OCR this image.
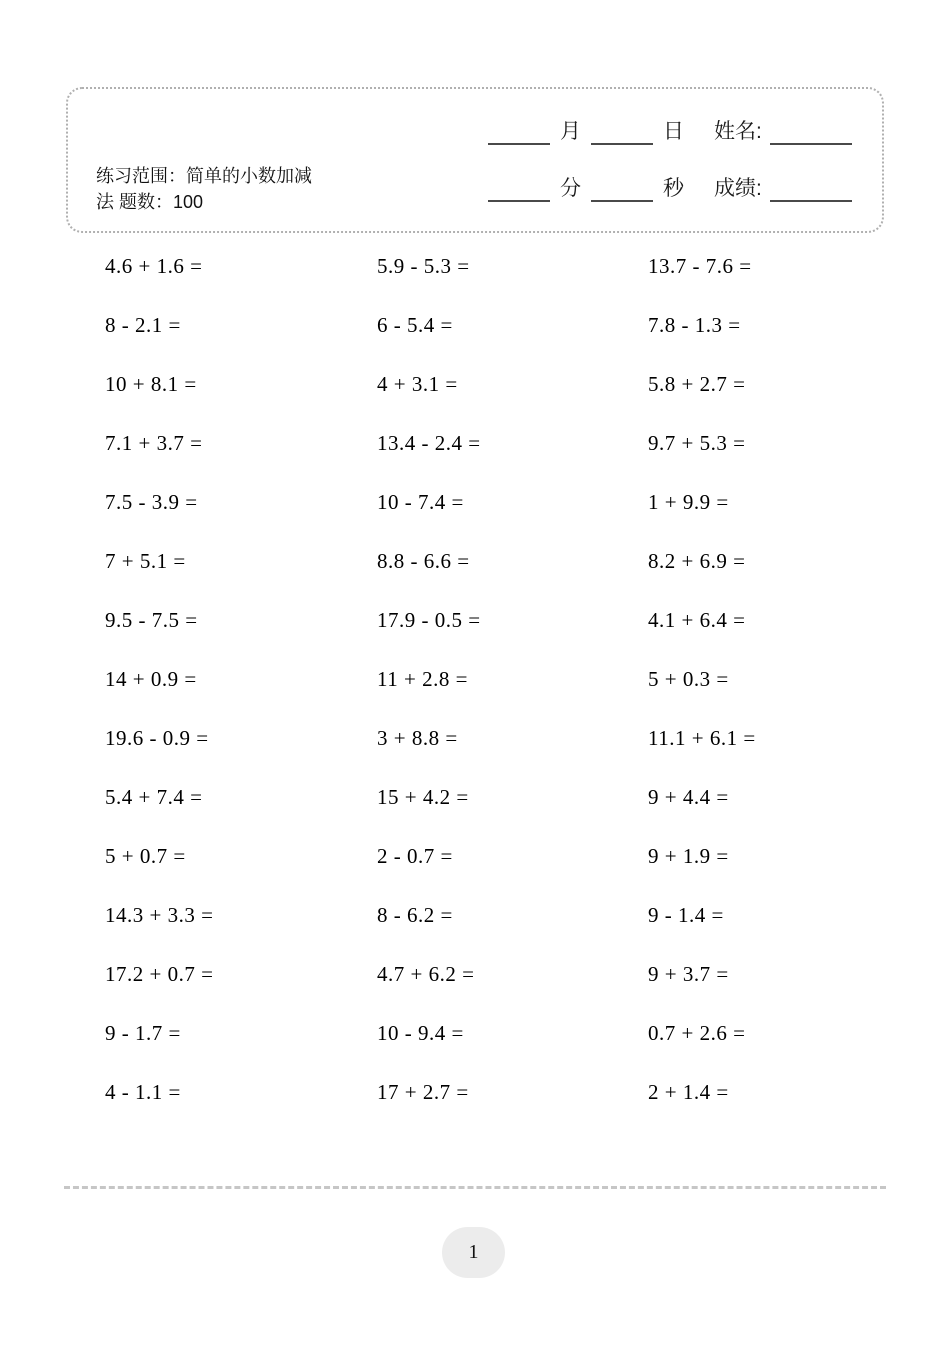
练习范围：简单的小数加减
法 题数：100
月	日 姓名:
分	秒 成绩:
4.6 + 1.6 =	5.9 - 5.3 =	13.7 - 7.6 =
8 - 2.1 =	6 - 5.4 =	7.8 - 1.3 =
10 + 8.1 =	4 + 3.1 =	5.8 + 2.7 =
7.1 + 3.7 =	13.4 - 2.4 =	9.7 + 5.3 =
7.5 - 3.9 =	10 - 7.4 =	1 + 9.9 =
7 + 5.1 =	8.8 - 6.6 =	8.2 + 6.9 =
9.5 - 7.5 =	17.9 - 0.5 =	4.1 + 6.4 =
14 + 0.9 =	11 + 2.8 =	5 + 0.3 =
19.6 - 0.9 =	3 + 8.8 =	11.1 + 6.1 =
5.4 + 7.4 =	15 + 4.2 =	9 + 4.4 =
5 + 0.7 =	2 - 0.7 =	9 + 1.9 =
14.3 + 3.3 =	8 - 6.2 =	9 - 1.4 =
17.2 + 0.7 =	4.7 + 6.2 =	9 + 3.7 =
9 - 1.7 =	10 - 9.4 =	0.7 + 2.6 =
4 - 1.1 =	17 + 2.7 =	2 + 1.4 =
1
